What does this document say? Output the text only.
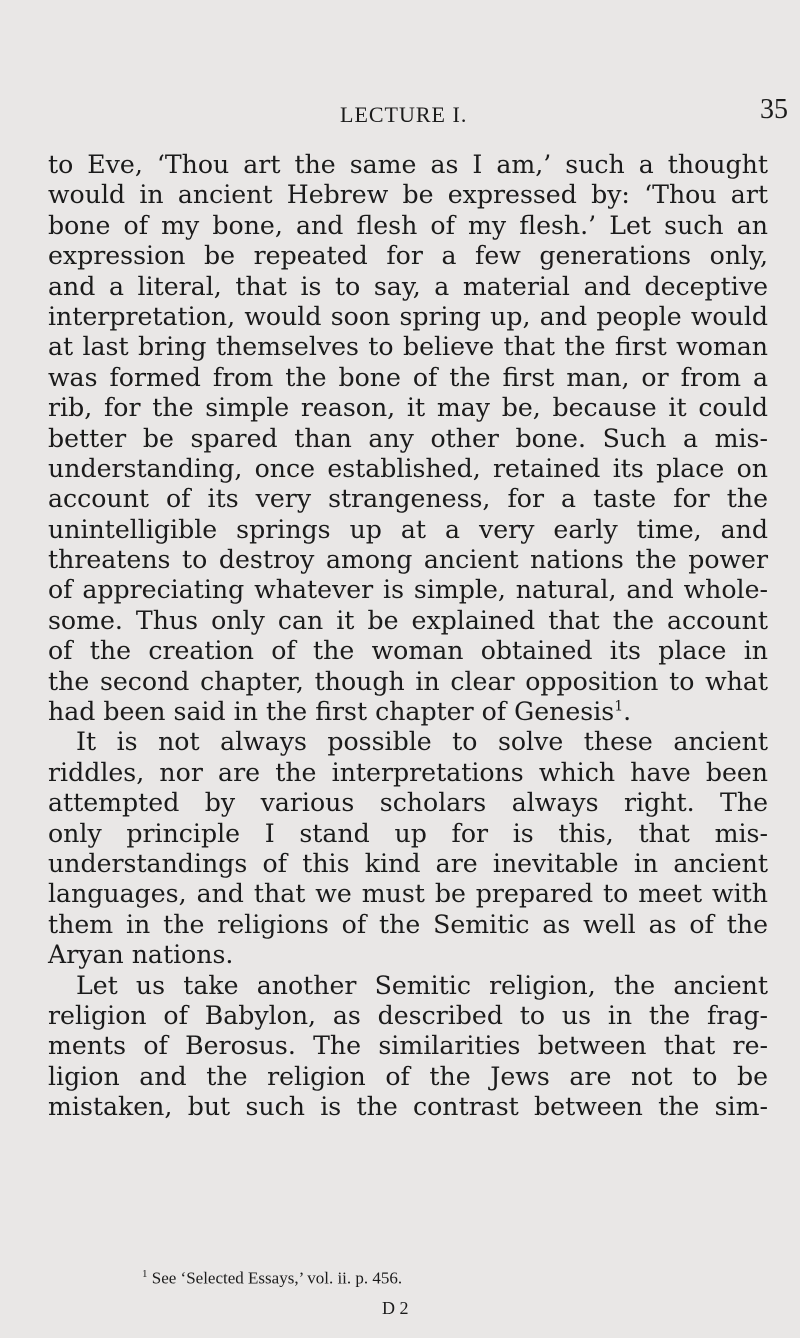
LECTURE I.	35
to Eve, ‘Thou art the same as I am,’ such a thought
would in ancient Hebrew be expressed by: ‘Thou art
bone of my bone, and flesh of my flesh.’ Let such an
expression be repeated for a few generations only,
and a literal, that is to say, a material and deceptive
interpretation, would soon spring up, and people would
at last bring themselves to believe that the first woman
was formed from the bone of the first man, or from a
rib, for the simple reason, it may be, because it could
better be spared than any other bone. Such a mis-
understanding, once established, retained its place on
account of its very strangeness, for a taste for the
unintelligible springs up at a very early time, and
threatens to destroy among ancient nations the power
of appreciating whatever is simple, natural, and whole-
some. Thus only can it be explained that the account
of the creation of the woman obtained its place in
the second chapter, though in clear opposition to what
had been said in the first chapter of Genesis$^1$.
It is not always possible to solve these ancient
riddles, nor are the interpretations which have been
attempted by various scholars always right. The
only principle I stand up for is this, that mis-
understandings of this kind are inevitable in ancient
languages, and that we must be prepared to meet with
them in the religions of the Semitic as well as of the
Aryan nations.
Let us take another Semitic religion, the ancient
religion of Babylon, as described to us in the frag-
ments of Berosus. The similarities between that re-
ligion and the religion of the Jews are not to be
mistaken, but such is the contrast between the sim-
$^1$ See ‘Selected Essays,’ vol. ii. p. 456.
D 2
